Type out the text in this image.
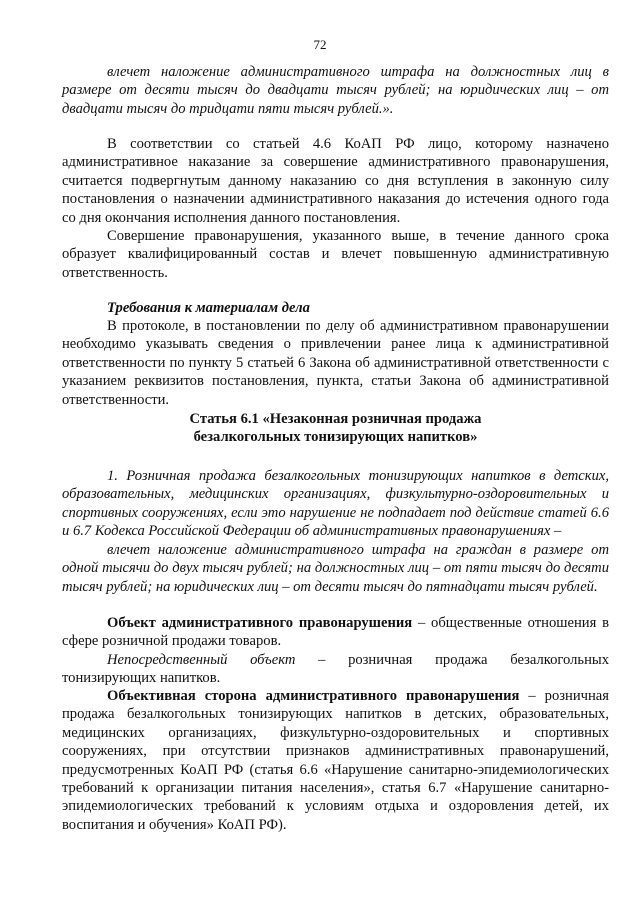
72

влечет наложение административного штрафа на должностных лиц в размере от десяти тысяч до двадцати тысяч рублей; на юридических лиц – от двадцати тысяч до тридцати пяти тысяч рублей.».

В соответствии со статьей 4.6 КоАП РФ лицо, которому назначено административное наказание за совершение административного правонарушения, считается подвергнутым данному наказанию со дня вступления в законную силу постановления о назначении административного наказания до истечения одного года со дня окончания исполнения данного постановления.

Совершение правонарушения, указанного выше, в течение данного срока образует квалифицированный состав и влечет повышенную административную ответственность.

Требования к материалам дела

В протоколе, в постановлении по делу об административном правонарушении необходимо указывать сведения о привлечении ранее лица к административной ответственности по пункту 5 статьей 6 Закона об административной ответственности с указанием реквизитов постановления, пункта, статьи Закона об административной ответственности.

Статья 6.1 «Незаконная розничная продажа

безалкогольных тонизирующих напитков»

1. Розничная продажа безалкогольных тонизирующих напитков в детских, образовательных, медицинских организациях, физкультурно-оздоровительных и спортивных сооружениях, если это нарушение не подпадает под действие статей 6.6 и 6.7 Кодекса Российской Федерации об административных правонарушениях –

влечет наложение административного штрафа на граждан в размере от одной тысячи до двух тысяч рублей; на должностных лиц – от пяти тысяч до десяти тысяч рублей; на юридических лиц – от десяти тысяч до пятнадцати тысяч рублей.

Объект административного правонарушения – общественные отношения в сфере розничной продажи товаров.

Непосредственный объект – розничная продажа безалкогольных тонизирующих напитков.

Объективная сторона административного правонарушения – розничная продажа безалкогольных тонизирующих напитков в детских, образовательных, медицинских организациях, физкультурно-оздоровительных и спортивных сооружениях, при отсутствии признаков административных правонарушений, предусмотренных КоАП РФ (статья 6.6 «Нарушение санитарно-эпидемиологических требований к организации питания населения», статья 6.7 «Нарушение санитарно-эпидемиологических требований к условиям отдыха и оздоровления детей, их воспитания и обучения» КоАП РФ).
